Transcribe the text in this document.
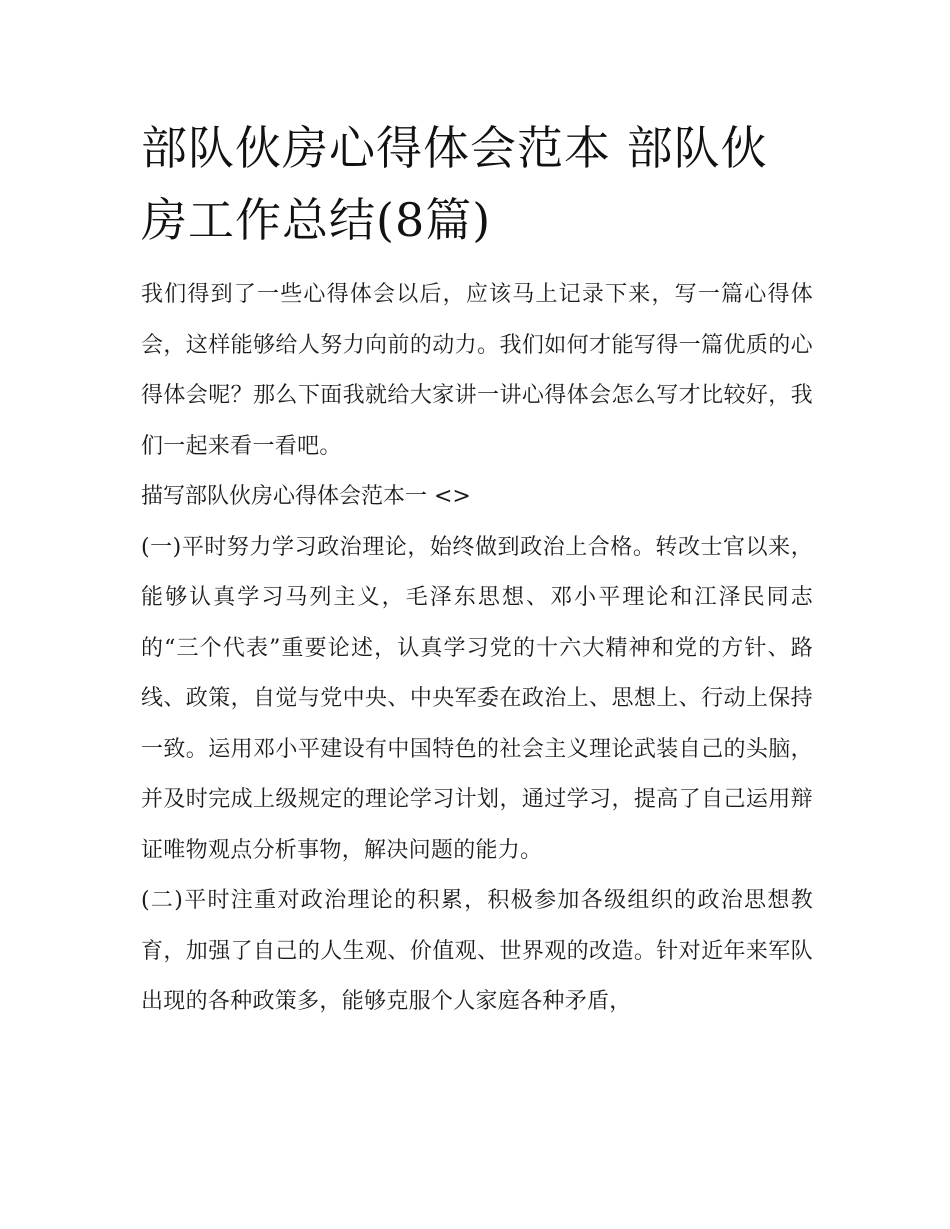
部队伙房心得体会范本 部队伙房工作总结(8篇)

我们得到了一些心得体会以后，应该马上记录下来，写一篇心得体会，这样能够给人努力向前的动力。我们如何才能写得一篇优质的心得体会呢？那么下面我就给大家讲一讲心得体会怎么写才比较好，我们一起来看一看吧。

描写部队伙房心得体会范本一 <>

(一)平时努力学习政治理论，始终做到政治上合格。转改士官以来，能够认真学习马列主义，毛泽东思想、邓小平理论和江泽民同志的“三个代表”重要论述，认真学习党的十六大精神和党的方针、路线、政策，自觉与党中央、中央军委在政治上、思想上、行动上保持一致。运用邓小平建设有中国特色的社会主义理论武装自己的头脑，并及时完成上级规定的理论学习计划，通过学习，提高了自己运用辩证唯物观点分析事物，解决问题的能力。

(二)平时注重对政治理论的积累，积极参加各级组织的政治思想教育，加强了自己的人生观、价值观、世界观的改造。针对近年来军队出现的各种政策多，能够克服个人家庭各种矛盾，
